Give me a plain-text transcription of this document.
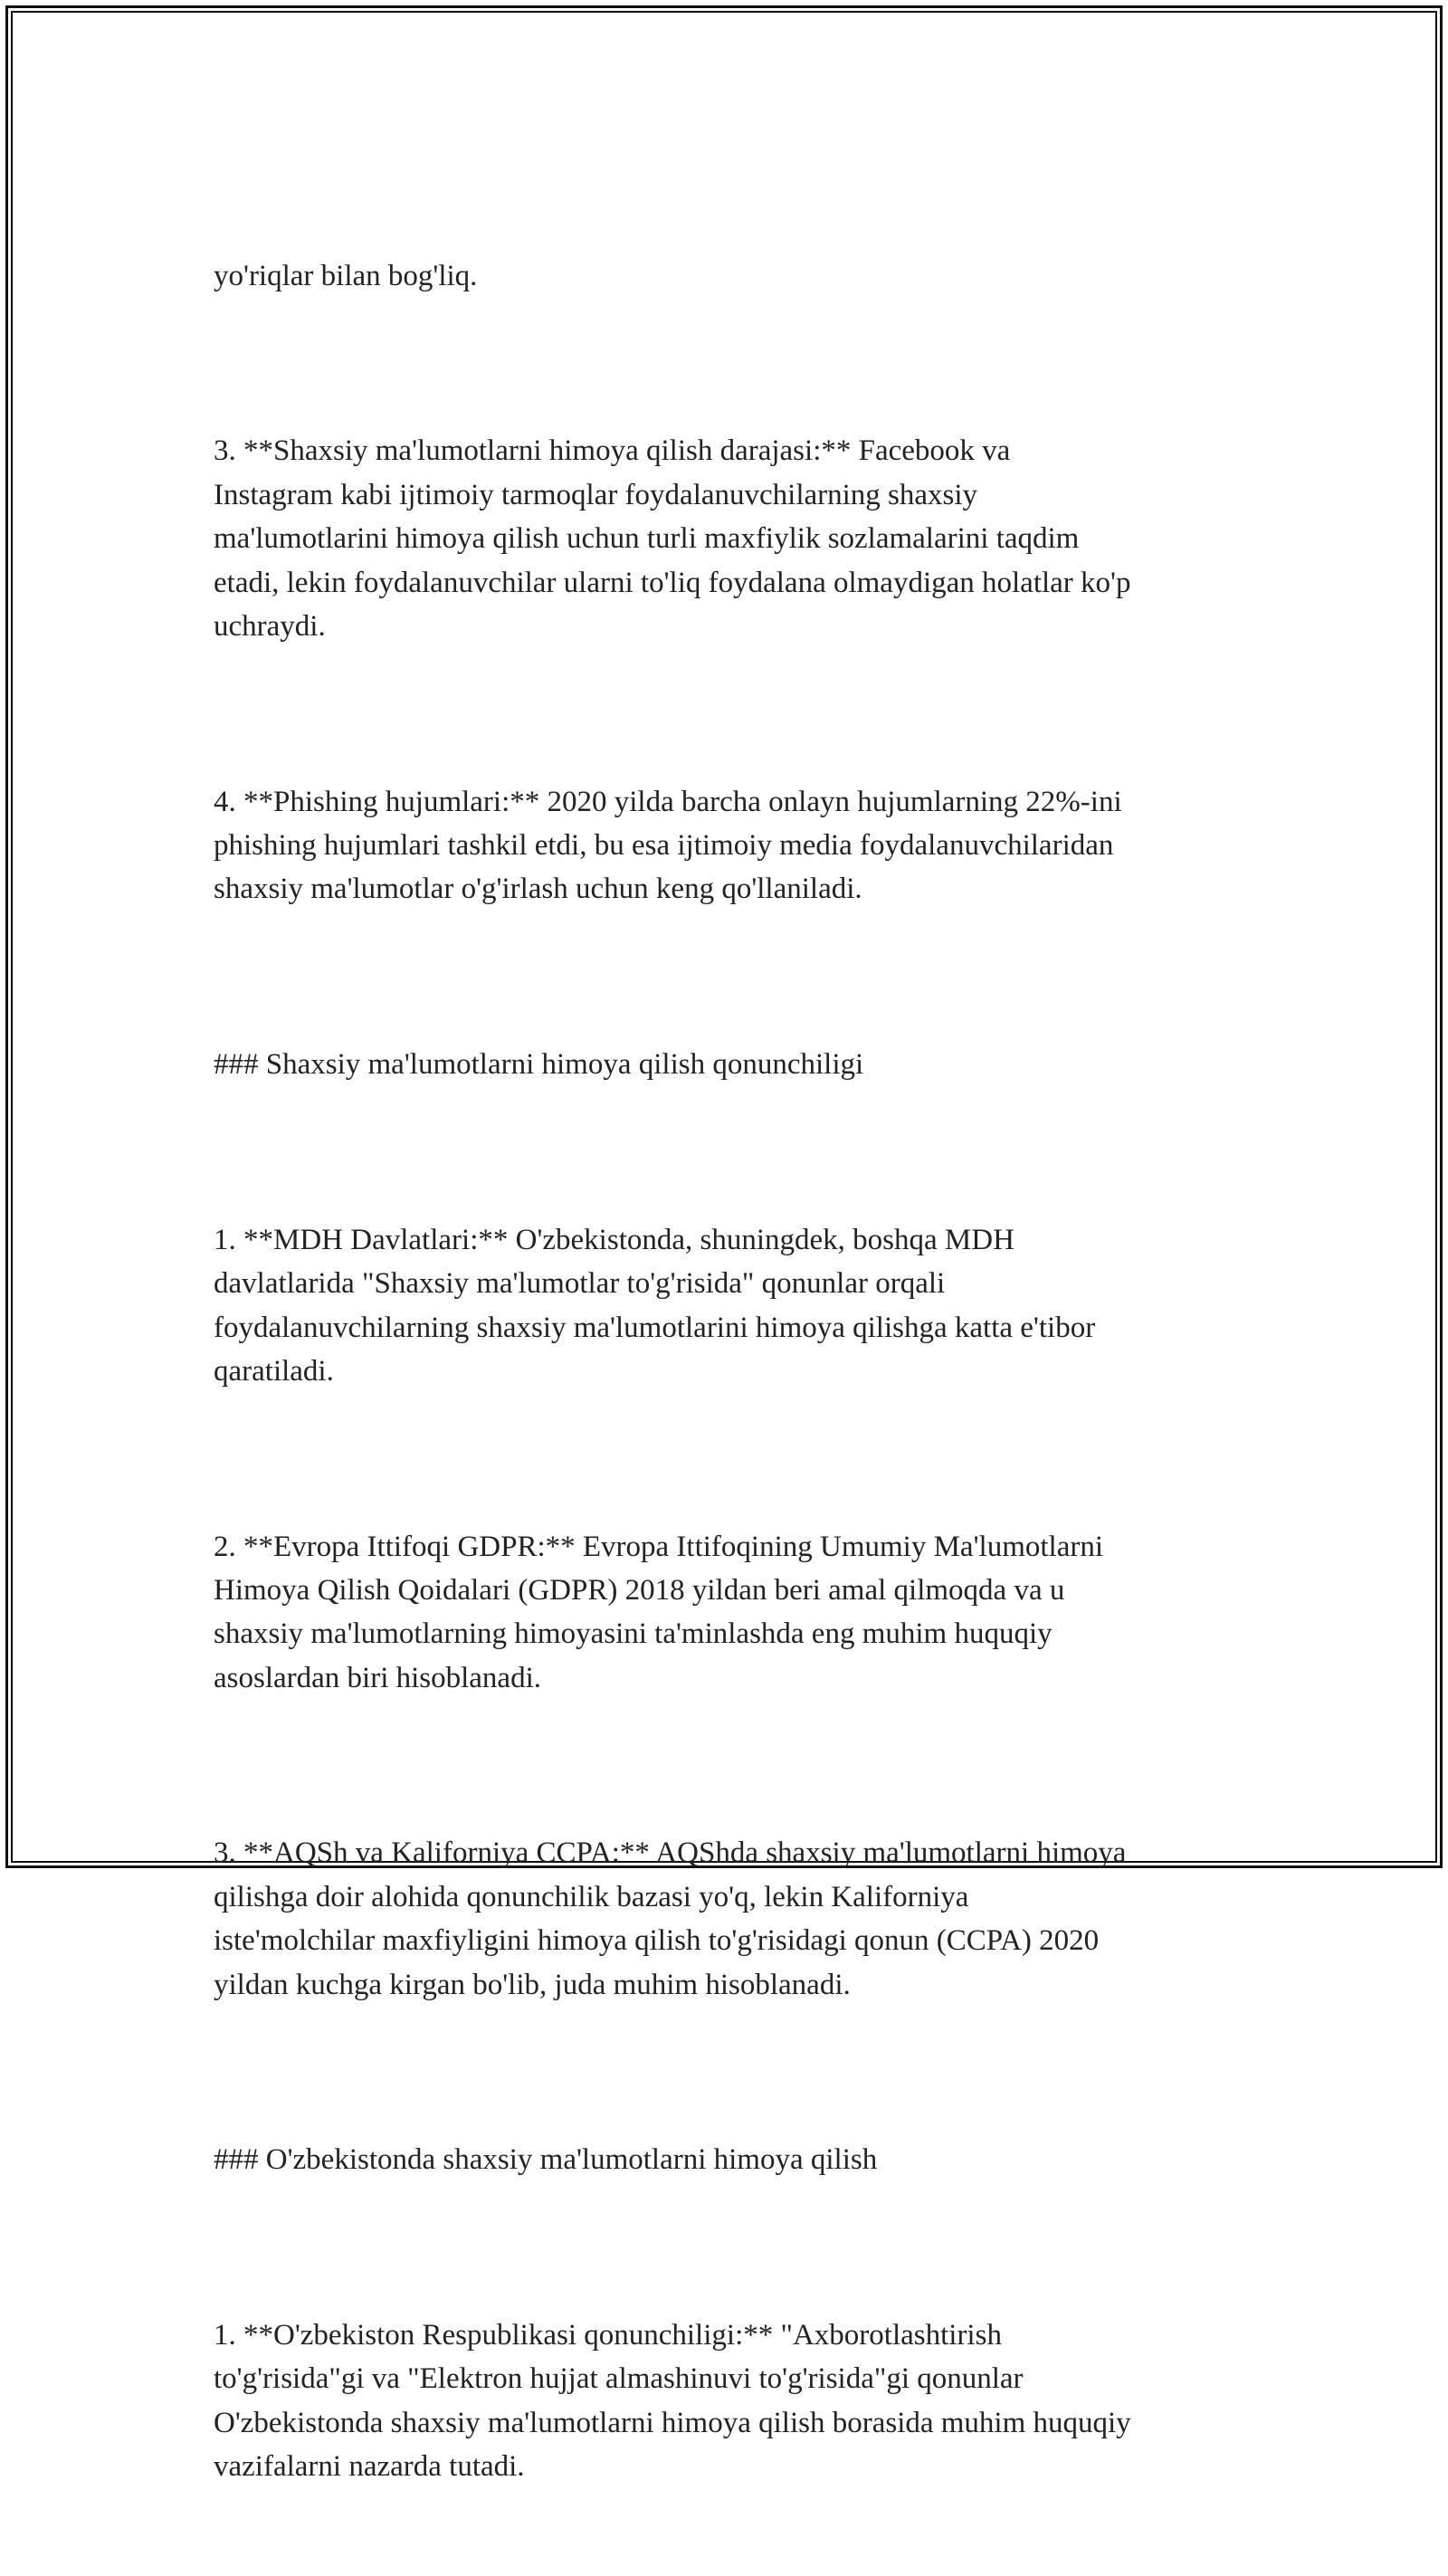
yo'riqlar bilan bog'liq.

3. **Shaxsiy ma'lumotlarni himoya qilish darajasi:** Facebook va
Instagram kabi ijtimoiy tarmoqlar foydalanuvchilarning shaxsiy
ma'lumotlarini himoya qilish uchun turli maxfiylik sozlamalarini taqdim
etadi, lekin foydalanuvchilar ularni to'liq foydalana olmaydigan holatlar ko'p
uchraydi.

4. **Phishing hujumlari:** 2020 yilda barcha onlayn hujumlarning 22%-ini
phishing hujumlari tashkil etdi, bu esa ijtimoiy media foydalanuvchilaridan
shaxsiy ma'lumotlar o'g'irlash uchun keng qo'llaniladi.

### Shaxsiy ma'lumotlarni himoya qilish qonunchiligi

1. **MDH Davlatlari:** O'zbekistonda, shuningdek, boshqa MDH
davlatlarida "Shaxsiy ma'lumotlar to'g'risida" qonunlar orqali
foydalanuvchilarning shaxsiy ma'lumotlarini himoya qilishga katta e'tibor
qaratiladi.

2. **Evropa Ittifoqi GDPR:** Evropa Ittifoqining Umumiy Ma'lumotlarni
Himoya Qilish Qoidalari (GDPR) 2018 yildan beri amal qilmoqda va u
shaxsiy ma'lumotlarning himoyasini ta'minlashda eng muhim huquqiy
asoslardan biri hisoblanadi.

3. **AQSh va Kaliforniya CCPA:** AQShda shaxsiy ma'lumotlarni himoya
qilishga doir alohida qonunchilik bazasi yo'q, lekin Kaliforniya
iste'molchilar maxfiyligini himoya qilish to'g'risidagi qonun (CCPA) 2020
yildan kuchga kirgan bo'lib, juda muhim hisoblanadi.

### O'zbekistonda shaxsiy ma'lumotlarni himoya qilish

1. **O'zbekiston Respublikasi qonunchiligi:** "Axborotlashtirish
to'g'risida"gi va "Elektron hujjat almashinuvi to'g'risida"gi qonunlar
O'zbekistonda shaxsiy ma'lumotlarni himoya qilish borasida muhim huquqiy
vazifalarni nazarda tutadi.
